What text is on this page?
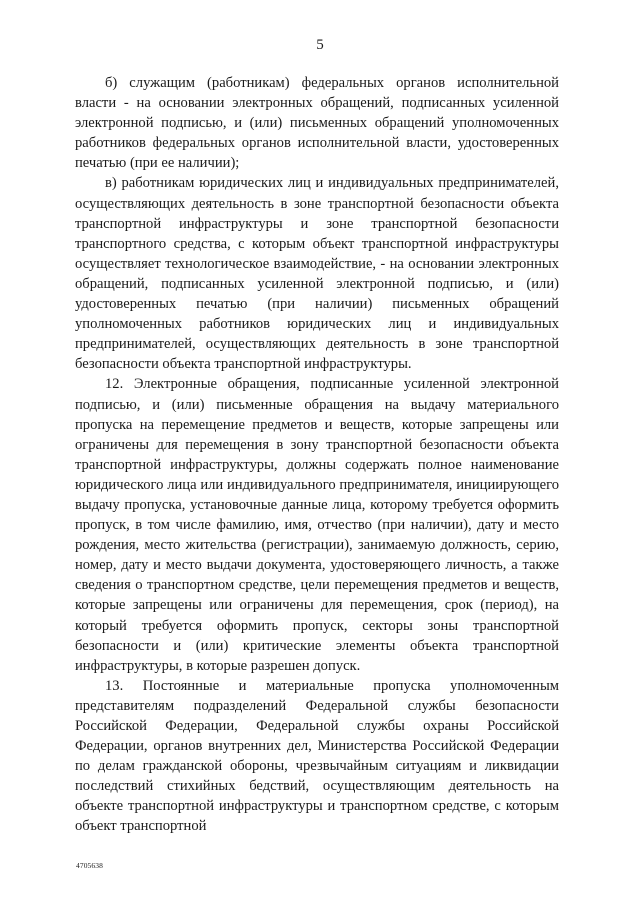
5

б) служащим (работникам) федеральных органов исполнительной власти - на основании электронных обращений, подписанных усиленной электронной подписью, и (или) письменных обращений уполномоченных работников федеральных органов исполнительной власти, удостоверенных печатью (при ее наличии);

в) работникам юридических лиц и индивидуальных предпринимателей, осуществляющих деятельность в зоне транспортной безопасности объекта транспортной инфраструктуры и зоне транспортной безопасности транспортного средства, с которым объект транспортной инфраструктуры осуществляет технологическое взаимодействие, - на основании электронных обращений, подписанных усиленной электронной подписью, и (или) удостоверенных печатью (при наличии) письменных обращений уполномоченных работников юридических лиц и индивидуальных предпринимателей, осуществляющих деятельность в зоне транспортной безопасности объекта транспортной инфраструктуры.

12. Электронные обращения, подписанные усиленной электронной подписью, и (или) письменные обращения на выдачу материального пропуска на перемещение предметов и веществ, которые запрещены или ограничены для перемещения в зону транспортной безопасности объекта транспортной инфраструктуры, должны содержать полное наименование юридического лица или индивидуального предпринимателя, инициирующего выдачу пропуска, установочные данные лица, которому требуется оформить пропуск, в том числе фамилию, имя, отчество (при наличии), дату и место рождения, место жительства (регистрации), занимаемую должность, серию, номер, дату и место выдачи документа, удостоверяющего личность, а также сведения о транспортном средстве, цели перемещения предметов и веществ, которые запрещены или ограничены для перемещения, срок (период), на который требуется оформить пропуск, секторы зоны транспортной безопасности и (или) критические элементы объекта транспортной инфраструктуры, в которые разрешен допуск.

13. Постоянные и материальные пропуска уполномоченным представителям подразделений Федеральной службы безопасности Российской Федерации, Федеральной службы охраны Российской Федерации, органов внутренних дел, Министерства Российской Федерации по делам гражданской обороны, чрезвычайным ситуациям и ликвидации последствий стихийных бедствий, осуществляющим деятельность на объекте транспортной инфраструктуры и транспортном средстве, с которым объект транспортной

4705638
